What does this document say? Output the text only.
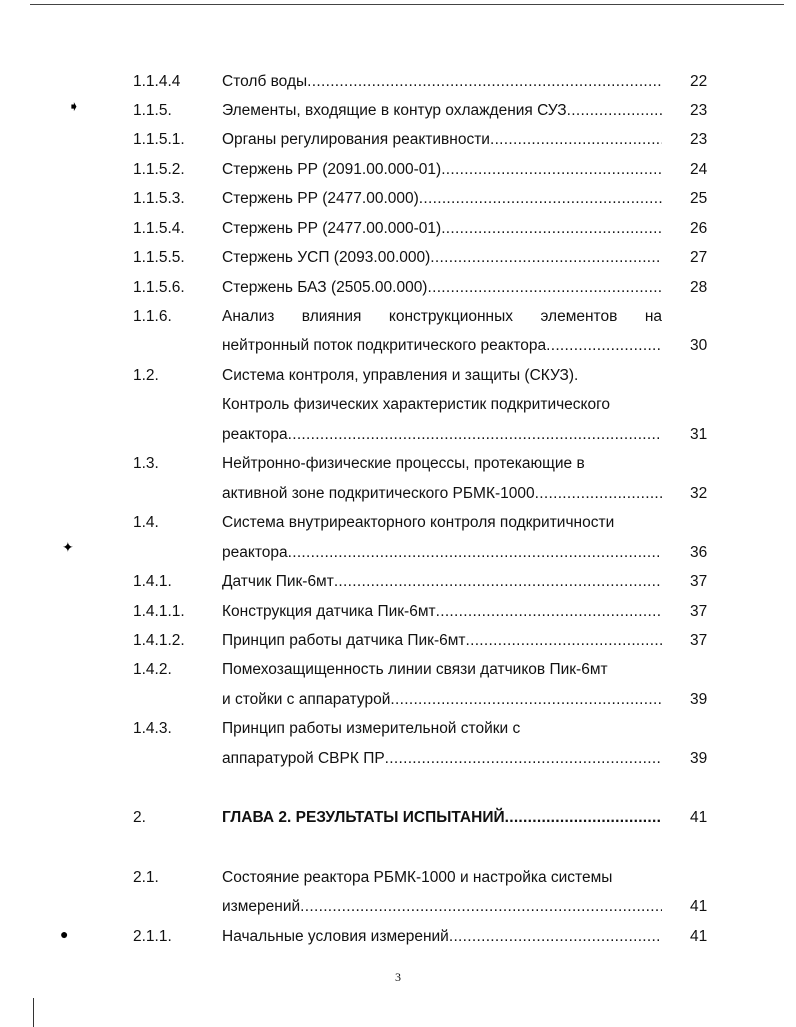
➧
✦
●
1.1.4.4	Столб воды .....	22
1.1.5.	Элементы, входящие в контур охлаждения СУЗ .....	23
1.1.5.1. Органы регулирования реактивности .....	23
1.1.5.2. Стержень РР (2091.00.000-01) .....	24
1.1.5.3. Стержень РР (2477.00.000) .....	25
1.1.5.4. Стержень РР (2477.00.000-01) .....	26
1.1.5.5. Стержень УСП (2093.00.000) .....	27
1.1.5.6. Стержень БАЗ (2505.00.000) .....	28
1.1.6.	Анализ влияния конструкционных элементов на
нейтронный поток подкритического реактора .....	30
1.2.	Система контроля, управления и защиты (СКУЗ).
Контроль физических характеристик подкритического
реактора .....	31
1.3.	Нейтронно-физические процессы, протекающие в
активной зоне подкритического РБМК-1000 .....	32
1.4.	Система внутриреакторного контроля подкритичности
реактора .....	36
1.4.1.	Датчик Пик-6мт .....	37
1.4.1.1. Конструкция датчика Пик-6мт .....	37
1.4.1.2. Принцип работы датчика Пик-6мт .....	37
1.4.2.	Помехозащищенность линии связи датчиков Пик-6мт
и стойки с аппаратурой .....	39
1.4.3.	Принцип работы измерительной стойки с
аппаратурой СВРК ПР .....	39
2.	ГЛАВА 2. РЕЗУЛЬТАТЫ ИСПЫТАНИЙ .....	41
2.1.	Состояние реактора РБМК-1000 и настройка системы
измерений .....	41
2.1.1.	Начальные условия измерений .....	41
3
